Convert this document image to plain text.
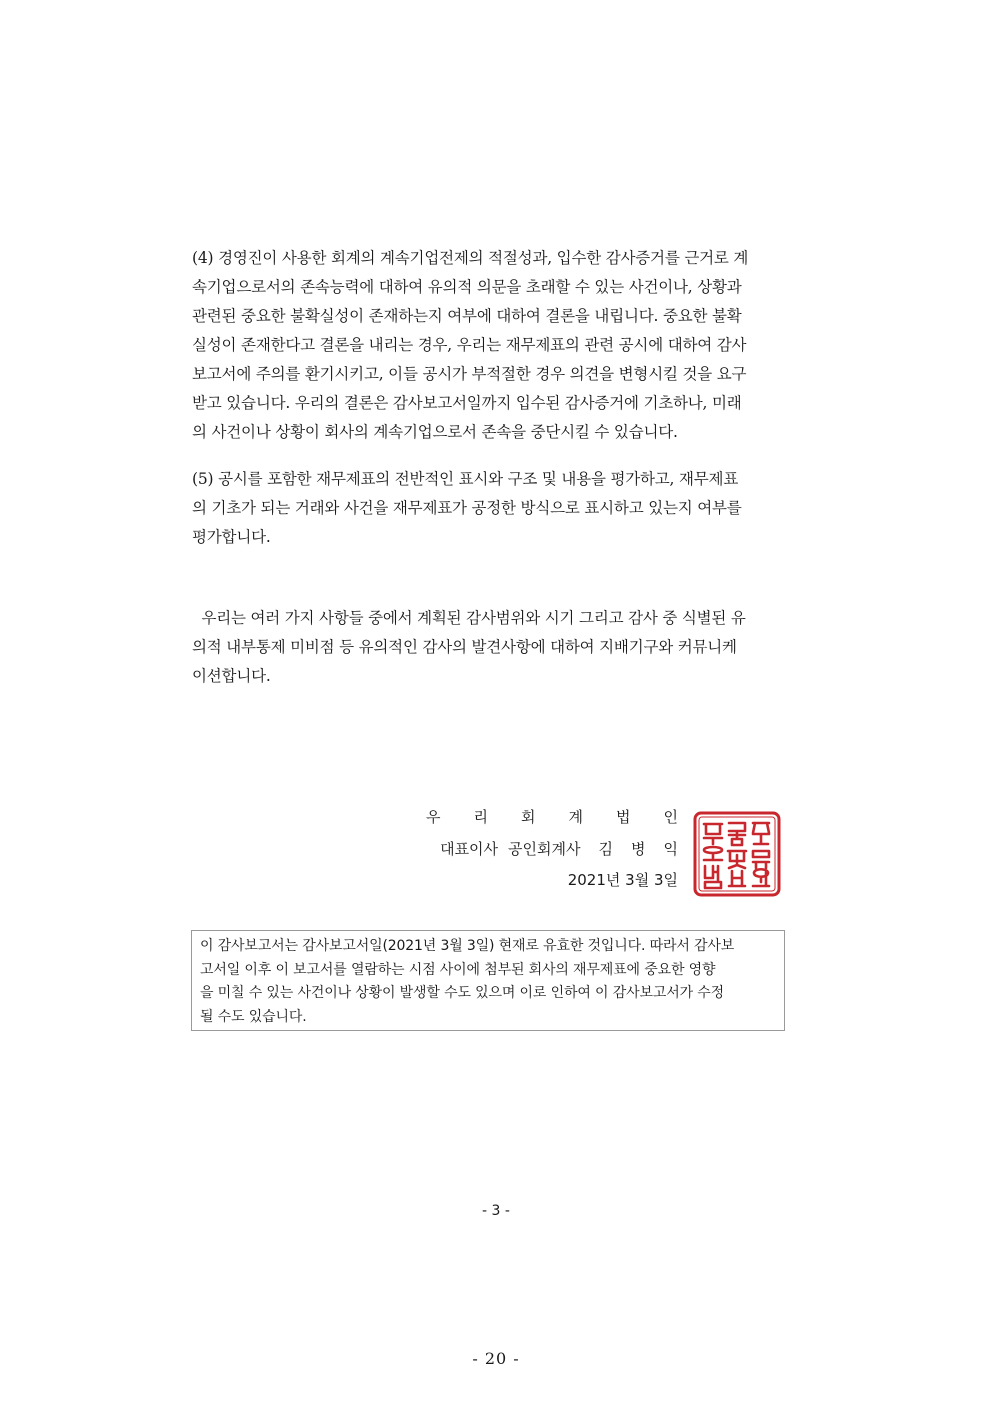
(4) 경영진이 사용한 회계의 계속기업전제의 적절성과, 입수한 감사증거를 근거로 계
속기업으로서의 존속능력에 대하여 유의적 의문을 초래할 수 있는 사건이나, 상황과
관련된 중요한 불확실성이 존재하는지 여부에 대하여 결론을 내립니다. 중요한 불확
실성이 존재한다고 결론을 내리는 경우, 우리는 재무제표의 관련 공시에 대하여 감사
보고서에 주의를 환기시키고, 이들 공시가 부적절한 경우 의견을 변형시킬 것을 요구
받고 있습니다. 우리의 결론은 감사보고서일까지 입수된 감사증거에 기초하나, 미래
의 사건이나 상황이 회사의 계속기업으로서 존속을 중단시킬 수 있습니다.
(5) 공시를 포함한 재무제표의 전반적인 표시와 구조 및 내용을 평가하고, 재무제표
의 기초가 되는 거래와 사건을 재무제표가 공정한 방식으로 표시하고 있는지 여부를
평가합니다.
우리는 여러 가지 사항들 중에서 계획된 감사범위와 시기 그리고 감사 중 식별된 유
의적 내부통제 미비점 등 유의적인 감사의 발견사항에 대하여 지배기구와 커뮤니케
이션합니다.
우 리 회 계 법 인
대표이사 공인회계사 김 병 익
2021년 3월 3일
이 감사보고서는 감사보고서일(2021년 3월 3일) 현재로 유효한 것입니다. 따라서 감사보
고서일 이후 이 보고서를 열람하는 시점 사이에 첨부된 회사의 재무제표에 중요한 영향
을 미칠 수 있는 사건이나 상황이 발생할 수도 있으며 이로 인하여 이 감사보고서가 수정
될 수도 있습니다.
- 3 -
- 20 -
